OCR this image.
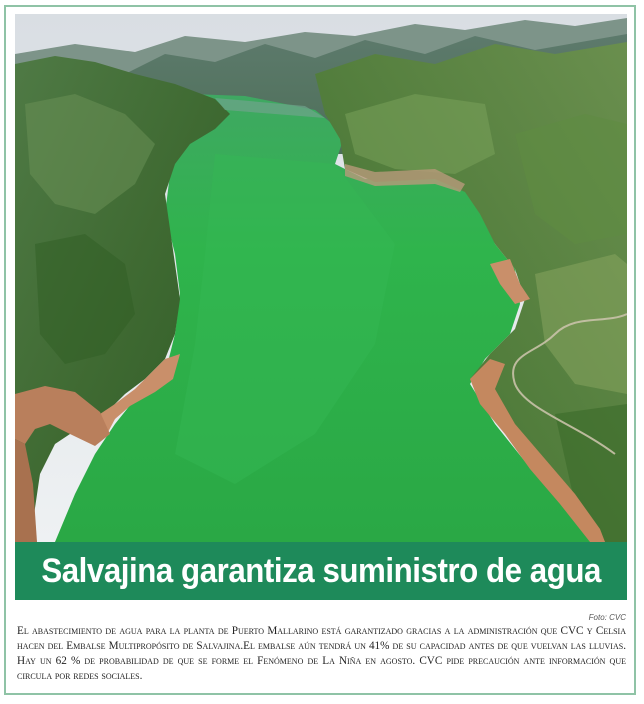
Salvajina garantiza suministro de agua
Foto: CVC
El abastecimiento de agua para la planta de Puerto Mallarino está garantizado gracias a la administración que CVC y Celsia hacen del Embalse Multipropósito de Salvajina.El embalse aún tendrá un 41% de su capacidad antes de que vuelvan las lluvias. Hay un 62 % de probabilidad de que se forme el Fenómeno de La Niña en agosto. CVC pide precaución ante información que circula por redes sociales.
